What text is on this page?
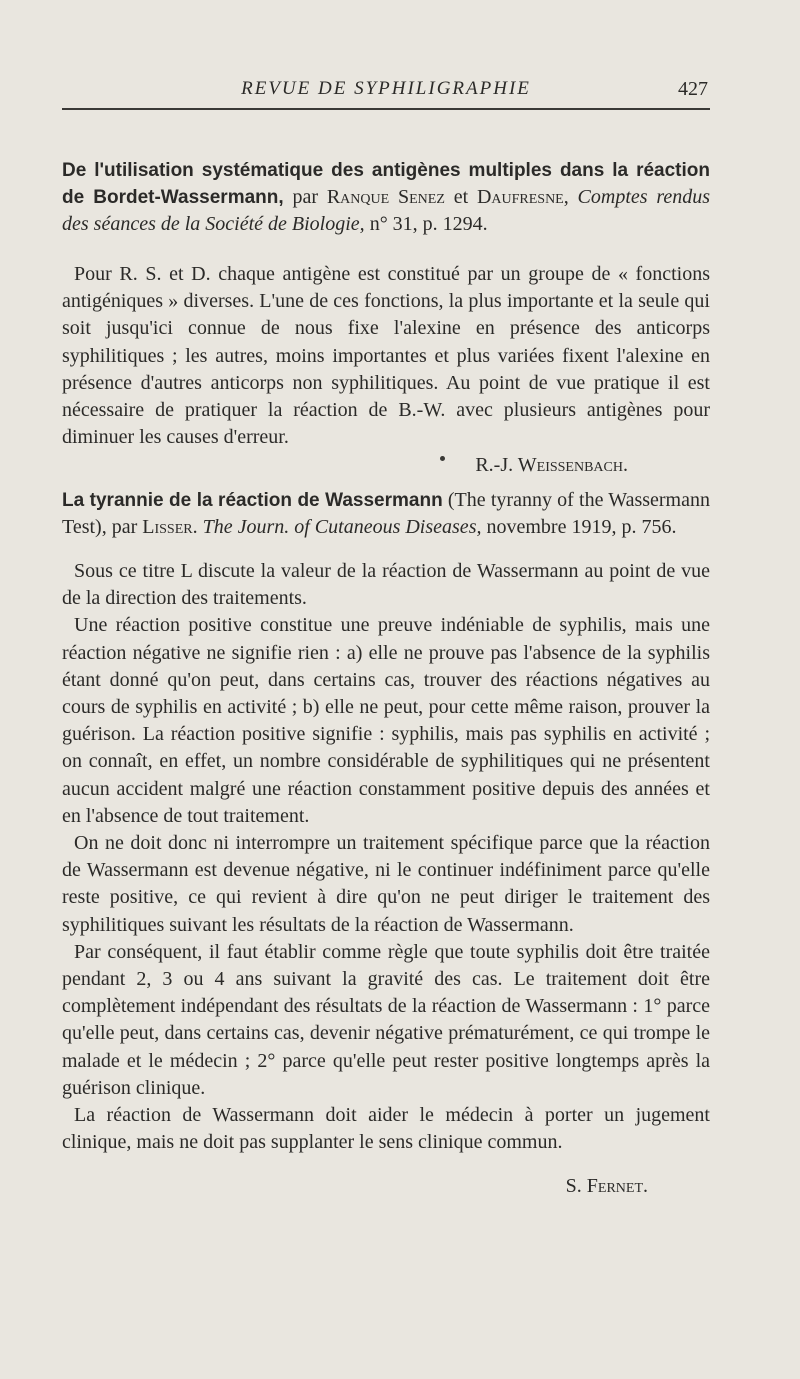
REVUE DE SYPHILIGRAPHIE	427

De l'utilisation systématique des antigènes multiples dans la réaction de Bordet-Wassermann, par Ranque Senez et Daufresne, Comptes rendus des séances de la Société de Biologie, n° 31, p. 1294.

Pour R. S. et D. chaque antigène est constitué par un groupe de « fonctions antigéniques » diverses. L'une de ces fonctions, la plus importante et la seule qui soit jusqu'ici connue de nous fixe l'alexine en présence des anticorps syphilitiques ; les autres, moins importantes et plus variées fixent l'alexine en présence d'autres anticorps non syphilitiques. Au point de vue pratique il est nécessaire de pratiquer la réaction de B.-W. avec plusieurs antigènes pour diminuer les causes d'erreur.

R.-J. Weissenbach.

La tyrannie de la réaction de Wassermann (The tyranny of the Wassermann Test), par Lisser. The Journ. of Cutaneous Diseases, novembre 1919, p. 756.

Sous ce titre L discute la valeur de la réaction de Wassermann au point de vue de la direction des traitements.

Une réaction positive constitue une preuve indéniable de syphilis, mais une réaction négative ne signifie rien : a) elle ne prouve pas l'absence de la syphilis étant donné qu'on peut, dans certains cas, trouver des réactions négatives au cours de syphilis en activité ; b) elle ne peut, pour cette même raison, prouver la guérison. La réaction positive signifie : syphilis, mais pas syphilis en activité ; on connaît, en effet, un nombre considérable de syphilitiques qui ne présentent aucun accident malgré une réaction constamment positive depuis des années et en l'absence de tout traitement.

On ne doit donc ni interrompre un traitement spécifique parce que la réaction de Wassermann est devenue négative, ni le continuer indéfiniment parce qu'elle reste positive, ce qui revient à dire qu'on ne peut diriger le traitement des syphilitiques suivant les résultats de la réaction de Wassermann.

Par conséquent, il faut établir comme règle que toute syphilis doit être traitée pendant 2, 3 ou 4 ans suivant la gravité des cas. Le traitement doit être complètement indépendant des résultats de la réaction de Wassermann : 1° parce qu'elle peut, dans certains cas, devenir négative prématurément, ce qui trompe le malade et le médecin ; 2° parce qu'elle peut rester positive longtemps après la guérison clinique.

La réaction de Wassermann doit aider le médecin à porter un jugement clinique, mais ne doit pas supplanter le sens clinique commun.

S. Fernet.
